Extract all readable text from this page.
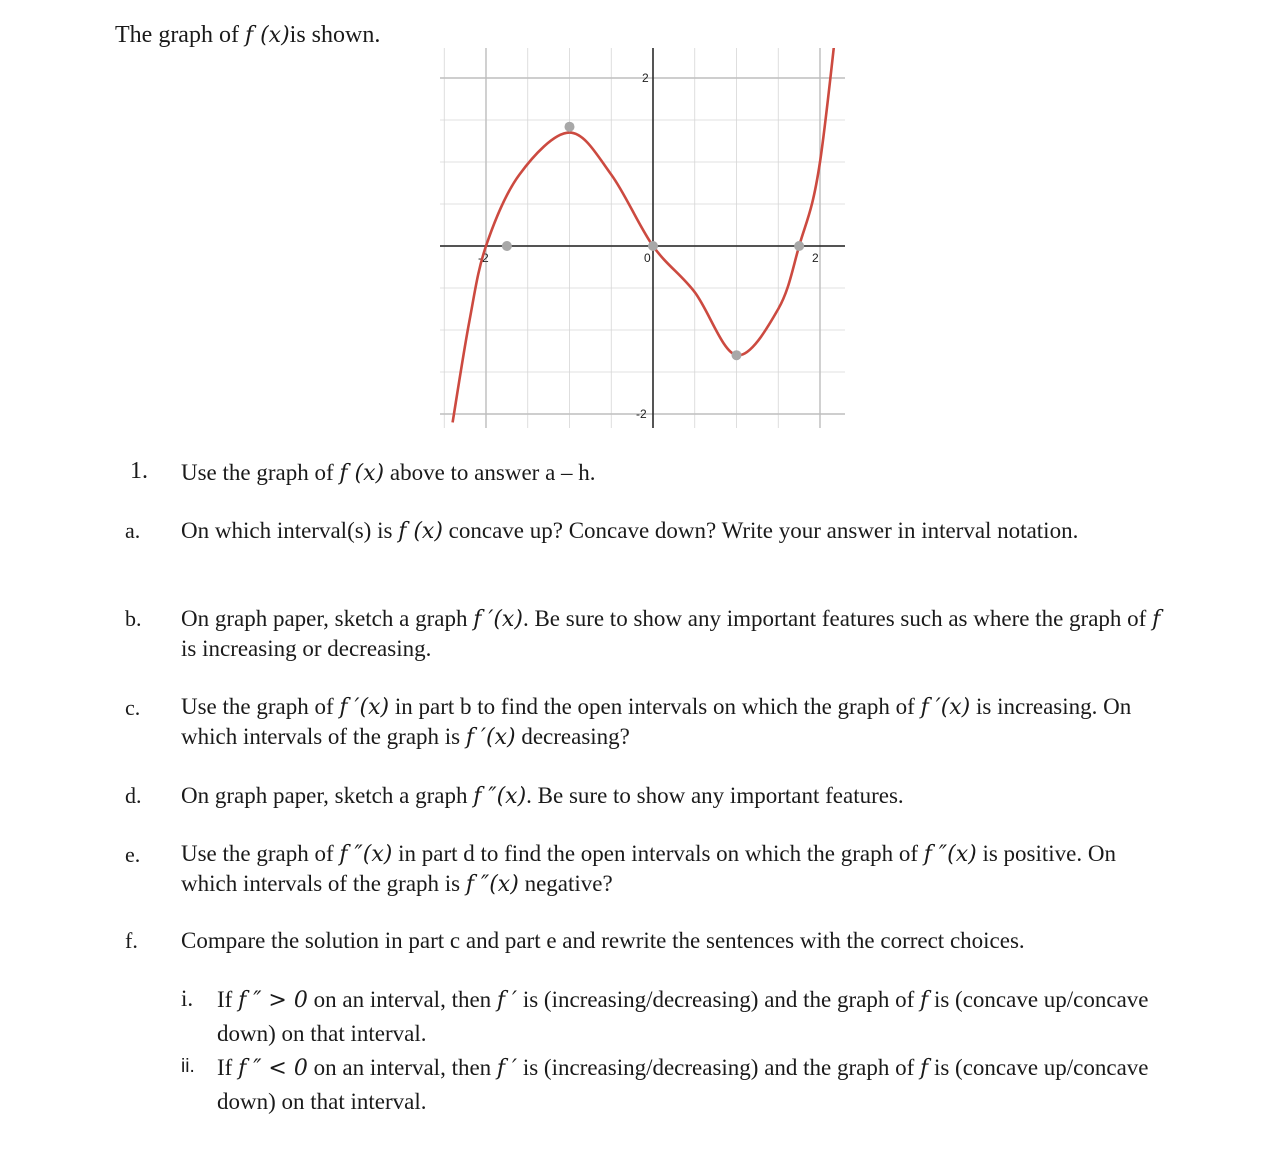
The graph of f (x)is shown.
-2	0	2
2
-2
1. Use the graph of f (x) above to answer a – h.
a. On which interval(s) is f (x) concave up? Concave down? Write your answer in interval notation.
b. On graph paper, sketch a graph f ′(x). Be sure to show any important features such as where the graph of f is increasing or decreasing.
c. Use the graph of f ′(x) in part b to find the open intervals on which the graph of f ′(x) is increasing. On which intervals of the graph is f ′(x) decreasing?
d. On graph paper, sketch a graph f ″(x). Be sure to show any important features.
e. Use the graph of f ″(x) in part d to find the open intervals on which the graph of f ″(x) is positive. On which intervals of the graph is f ″(x) negative?
f. Compare the solution in part c and part e and rewrite the sentences with the correct choices.
i. If f ″ > 0 on an interval, then f ′ is (increasing/decreasing) and the graph of f is (concave up/concave down) on that interval.
ii. If f ″ < 0 on an interval, then f ′ is (increasing/decreasing) and the graph of f is (concave up/concave down) on that interval.
